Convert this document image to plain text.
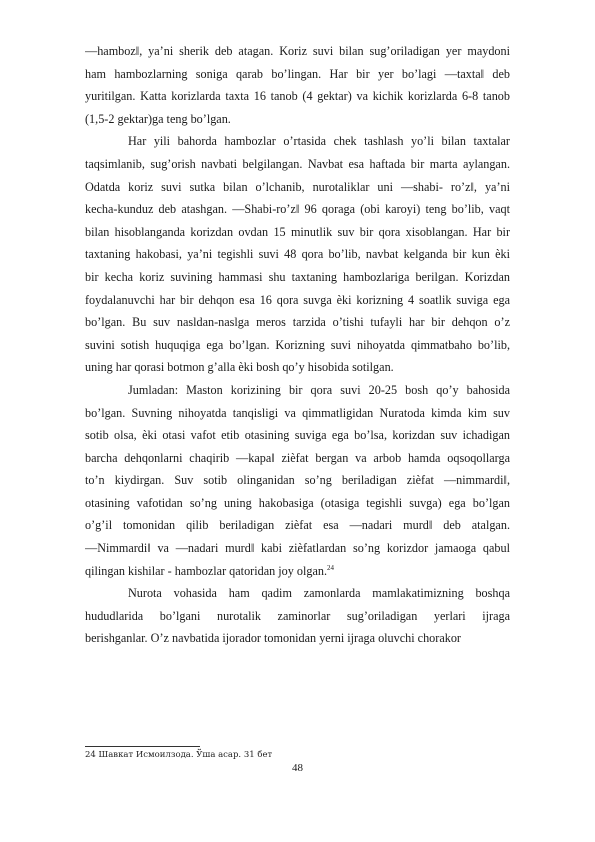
—hambozǁ, ya’ni sherik deb atagan. Koriz suvi bilan sug’oriladigan yer maydoni
ham hambozlarning soniga qarab bo’lingan. Har bir yer bo’lagi —taxtaǁ deb
yuritilgan. Katta korizlarda taxta 16 tanob (4 gektar) va kichik korizlarda 6-8 tanob
(1,5-2 gektar)ga teng bo’lgan.
Har yili bahorda hambozlar o’rtasida chek tashlash yo’li bilan taxtalar
taqsimlanib, sug’orish navbati belgilangan. Navbat esa haftada bir marta aylangan.
Odatda koriz suvi sutka bilan o’lchanib, nurotaliklar uni —shabi- ro’zǁ, ya’ni
kecha-kunduz deb atashgan. —Shabi-ro’zǁ 96 qoraga (obi karoyi) teng bo’lib, vaqt
bilan hisoblanganda korizdan ovdan 15 minutlik suv bir qora xisoblangan. Har bir
taxtaning hakobasi, ya’ni tegishli suvi 48 qora bo’lib, navbat kelganda bir kun ѐki
bir kecha koriz suvining hammasi shu taxtaning hambozlariga berilgan. Korizdan
foydalanuvchi har bir dehqon esa 16 qora suvga ѐki korizning 4 soatlik suviga ega
bo’lgan. Bu suv nasldan-naslga meros tarzida o’tishi tufayli har bir dehqon o’z
suvini sotish huquqiga ega bo’lgan. Korizning suvi nihoyatda qimmatbaho bo’lib,
uning har qorasi botmon g’alla ѐki bosh qo’y hisobida sotilgan.
Jumladan: Maston korizining bir qora suvi 20-25 bosh qo’y bahosida
bo’lgan. Suvning nihoyatda tanqisligi va qimmatligidan Nuratoda kimda kim suv
sotib olsa, ѐki otasi vafot etib otasining suviga ega bo’lsa, korizdan suv ichadigan
barcha dehqonlarni chaqirib —kapaǁ ziѐfat bergan va arbob hamda oqsoqollarga
to’n kiydirgan. Suv sotib olinganidan so’ng beriladigan ziѐfat —nimmardiǁ,
otasining vafotidan so’ng uning hakobasiga (otasiga tegishli suvga) ega bo’lgan
o’g’il tomonidan qilib beriladigan ziѐfat esa —nadari murdǁ deb atalgan.
—Nimmardiǁ va —nadari murdǁ kabi ziѐfatlardan so’ng korizdor jamaoga qabul
qilingan kishilar - hambozlar qatoridan joy olgan.$^{24}$
Nurota vohasida ham qadim zamonlarda mamlakatimizning boshqa
hududlarida bo’lgani nurotalik zaminorlar sug’oriladigan yerlari ijraga
berishganlar. O’z navbatida ijorador tomonidan yerni ijraga oluvchi chorakor
24 Шавкат Исмоилзода. Ўша асар. 31 бет
48
